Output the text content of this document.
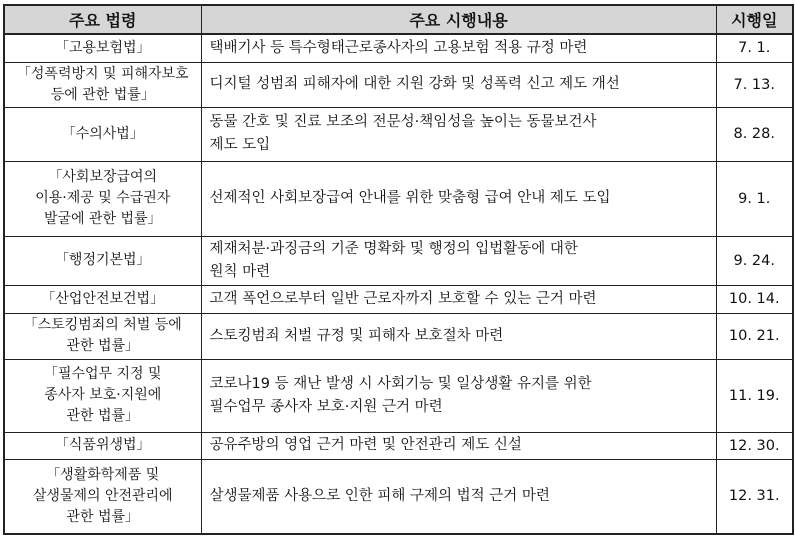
주요 법령	주요 시행내용	시행일

「고용보험법」	택배기사 등 특수형태근로종사자의 고용보험 적용 규정 마련	7. 1.

「성폭력방지 및 피해자보호
등에 관한 법률」	디지털 성범죄 피해자에 대한 지원 강화 및 성폭력 신고 제도 개선	7. 13.

「수의사법」	동물 간호 및 진료 보조의 전문성·책임성을 높이는 동물보건사
제도 도입	8. 28.

「사회보장급여의
이용·제공 및 수급권자
발굴에 관한 법률」	선제적인 사회보장급여 안내를 위한 맞춤형 급여 안내 제도 도입	9. 1.

「행정기본법」	제재처분·과징금의 기준 명확화 및 행정의 입법활동에 대한
원칙 마련	9. 24.

「산업안전보건법」	고객 폭언으로부터 일반 근로자까지 보호할 수 있는 근거 마련	10. 14.

「스토킹범죄의 처벌 등에
관한 법률」	스토킹범죄 처벌 규정 및 피해자 보호절차 마련	10. 21.

「필수업무 지정 및
종사자 보호·지원에
관한 법률」	코로나19 등 재난 발생 시 사회기능 및 일상생활 유지를 위한
필수업무 종사자 보호·지원 근거 마련	11. 19.

「식품위생법」	공유주방의 영업 근거 마련 및 안전관리 제도 신설	12. 30.

「생활화학제품 및
살생물제의 안전관리에
관한 법률」	살생물제품 사용으로 인한 피해 구제의 법적 근거 마련	12. 31.
